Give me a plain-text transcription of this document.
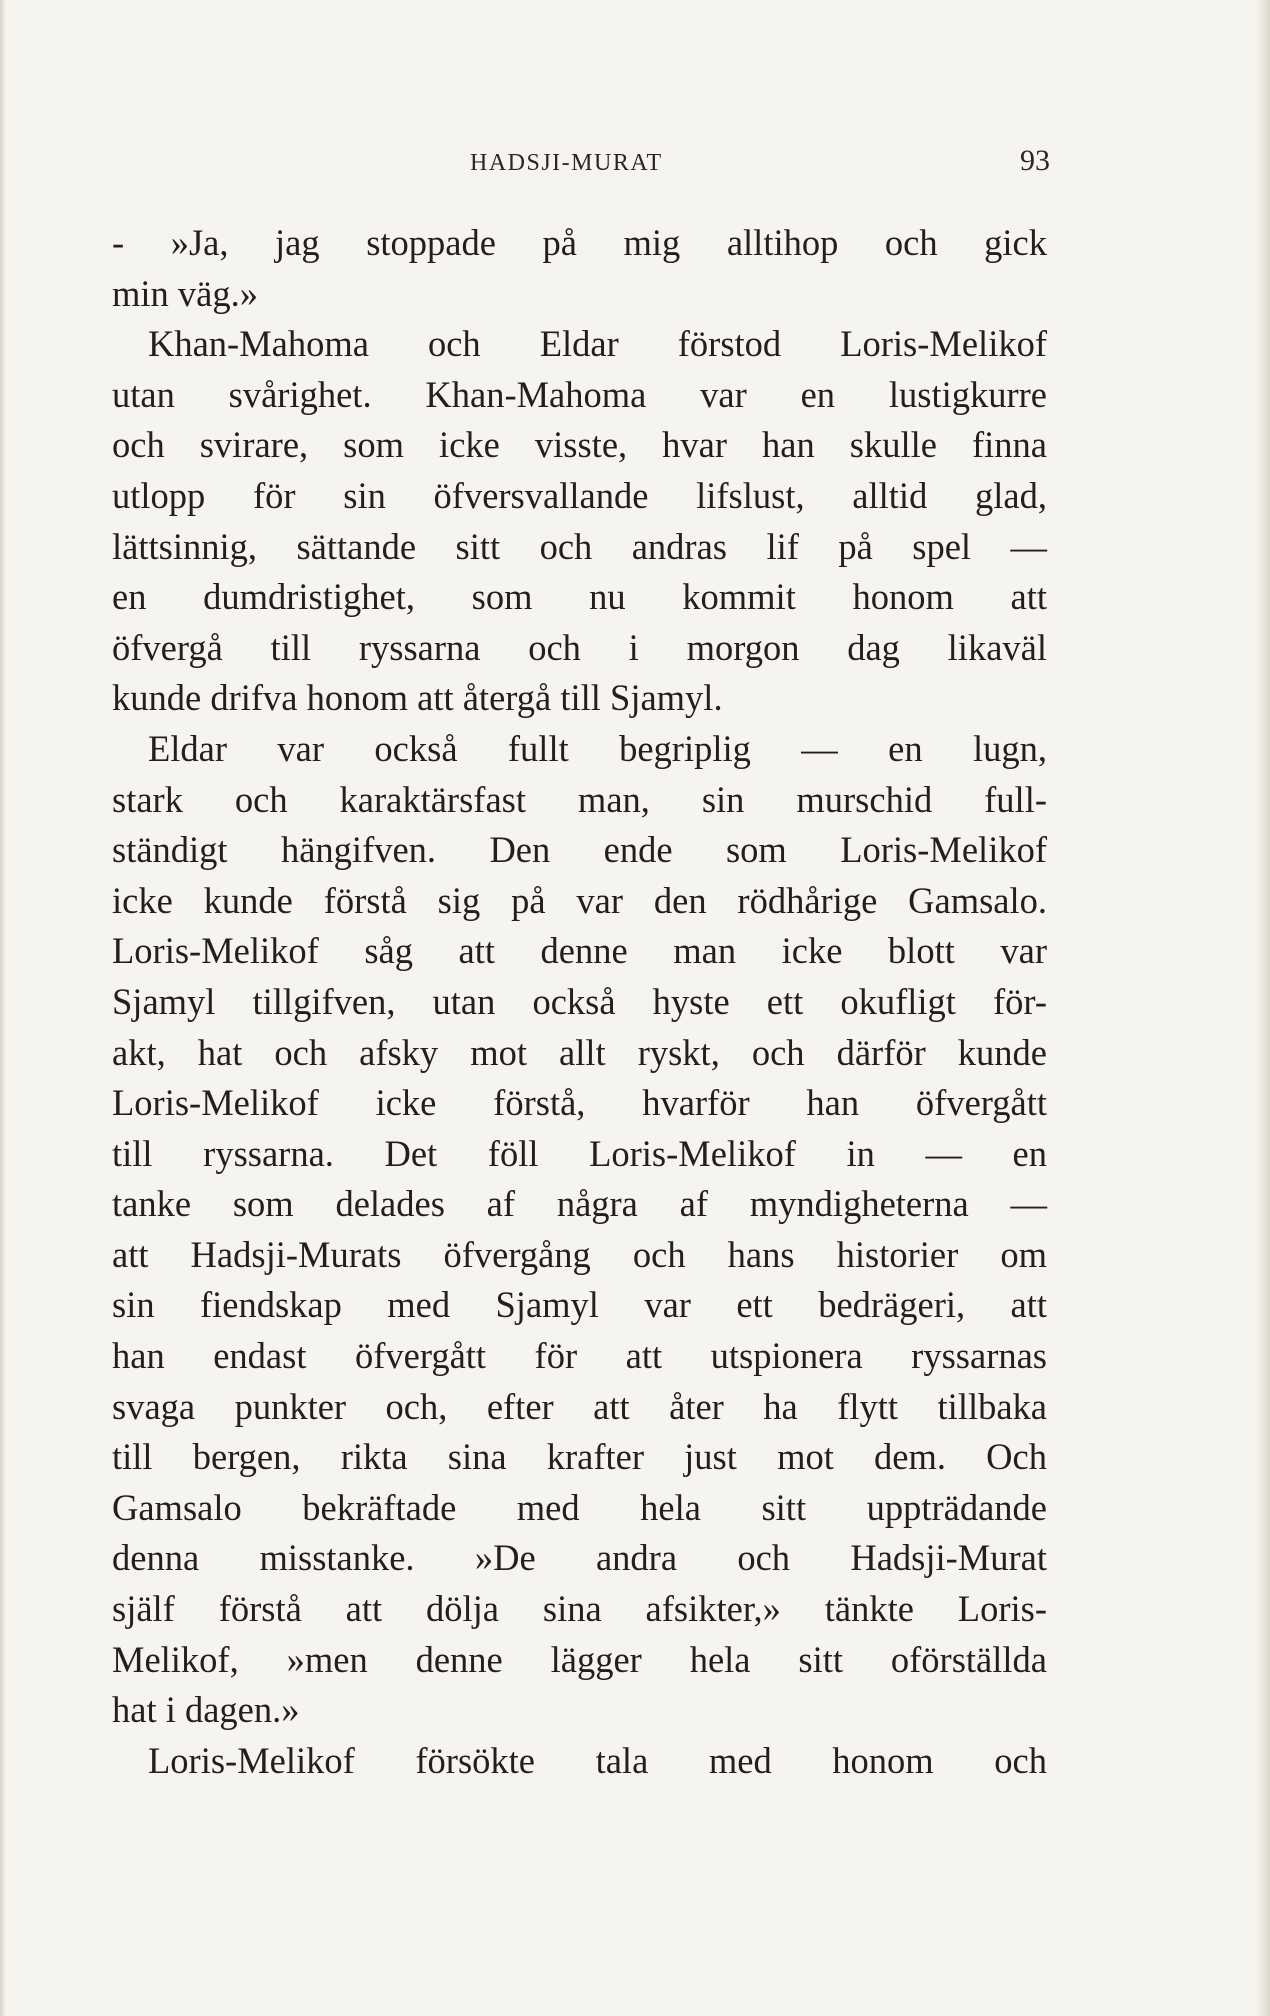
HADSJI-MURAT	93
- »Ja, jag stoppade på mig alltihop och gick
min väg.»
Khan-Mahoma och Eldar förstod Loris-Melikof
utan svårighet. Khan-Mahoma var en lustigkurre
och svirare, som icke visste, hvar han skulle finna
utlopp för sin öfversvallande lifslust, alltid glad,
lättsinnig, sättande sitt och andras lif på spel —
en dumdristighet, som nu kommit honom att
öfvergå till ryssarna och i morgon dag likaväl
kunde drifva honom att återgå till Sjamyl.
Eldar var också fullt begriplig — en lugn,
stark och karaktärsfast man, sin murschid full-
ständigt hängifven. Den ende som Loris-Melikof
icke kunde förstå sig på var den rödhårige Gamsalo.
Loris-Melikof såg att denne man icke blott var
Sjamyl tillgifven, utan också hyste ett okufligt för-
akt, hat och afsky mot allt ryskt, och därför kunde
Loris-Melikof icke förstå, hvarför han öfvergått
till ryssarna. Det föll Loris-Melikof in — en
tanke som delades af några af myndigheterna —
att Hadsji-Murats öfvergång och hans historier om
sin fiendskap med Sjamyl var ett bedrägeri, att
han endast öfvergått för att utspionera ryssarnas
svaga punkter och, efter att åter ha flytt tillbaka
till bergen, rikta sina krafter just mot dem. Och
Gamsalo bekräftade med hela sitt uppträdande
denna misstanke. »De andra och Hadsji-Murat
själf förstå att dölja sina afsikter,» tänkte Loris-
Melikof, »men denne lägger hela sitt oförställda
hat i dagen.»
Loris-Melikof försökte tala med honom och
